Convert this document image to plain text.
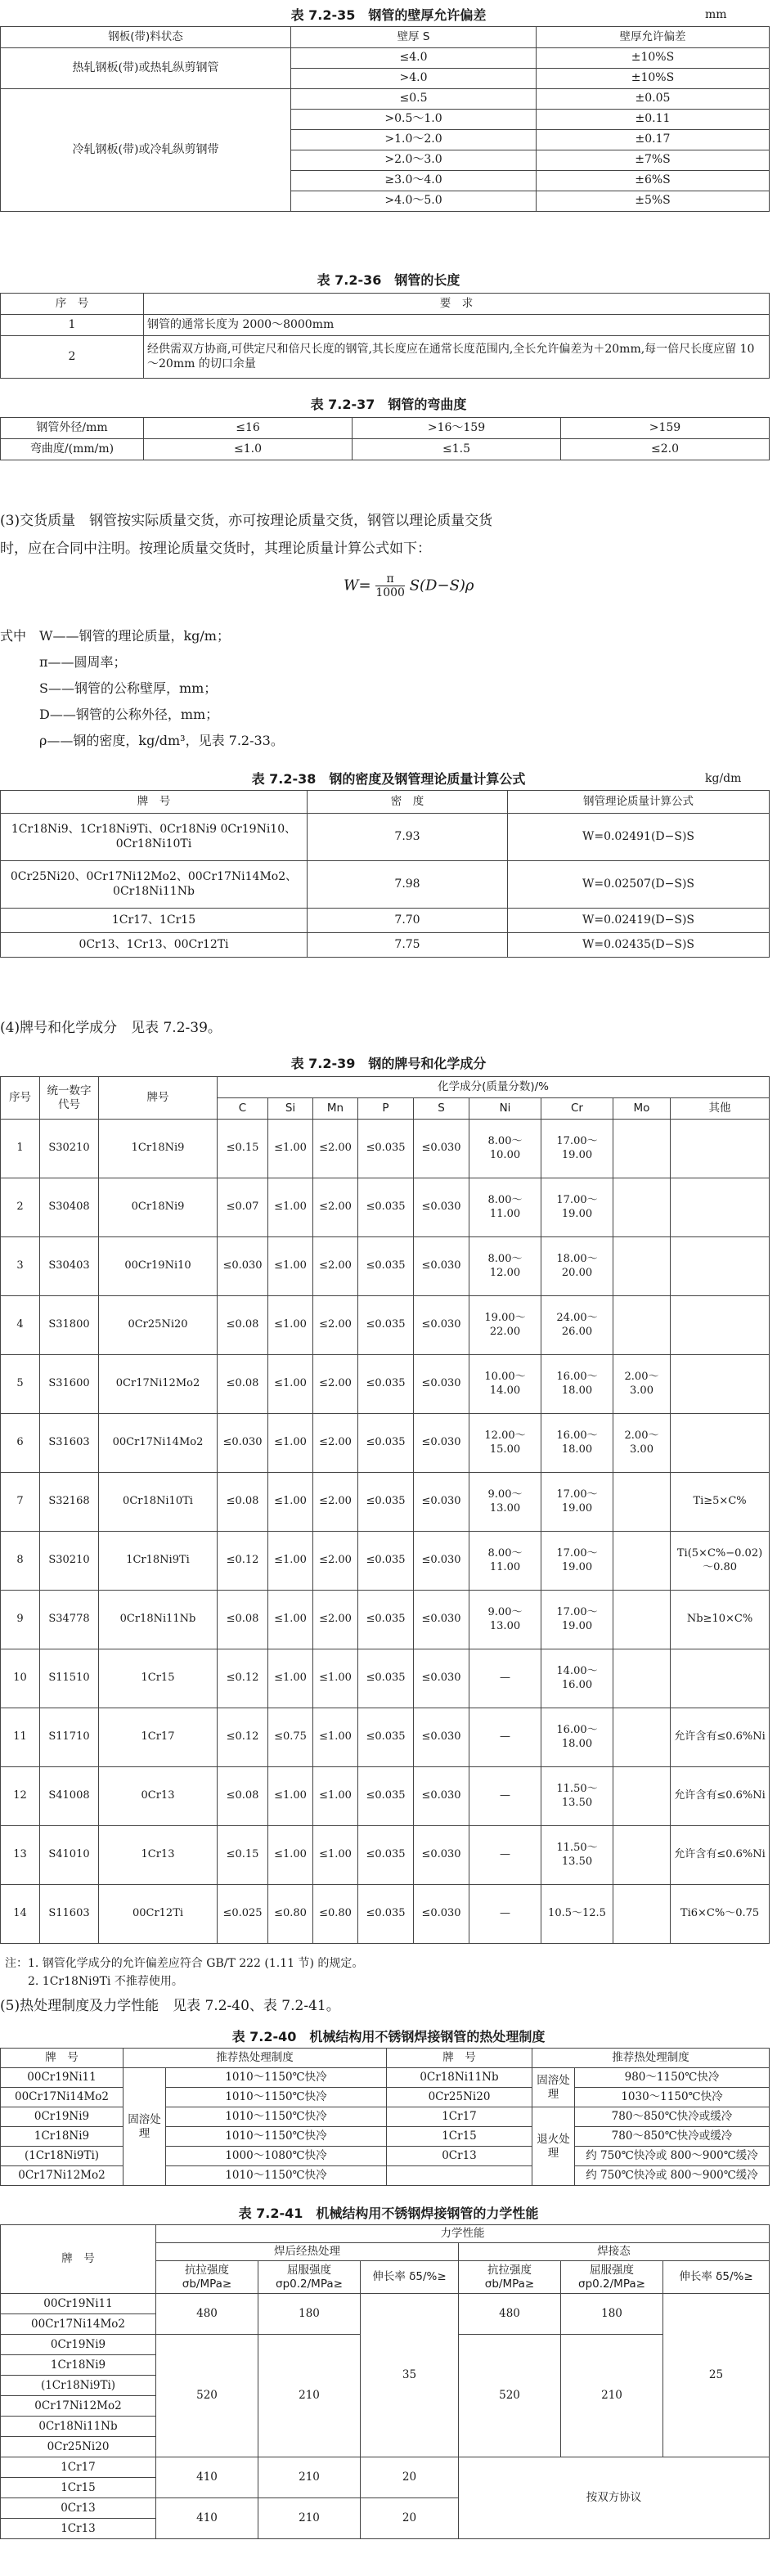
表 7.2-35　钢管的壁厚允许偏差	mm
钢板(带)料状态	壁厚 S	壁厚允许偏差
热轧钢板(带)或热轧纵剪钢管	≤4.0	±10%S
	>4.0	±10%S
冷轧钢板(带)或冷轧纵剪钢带	≤0.5	±0.05
	>0.5～1.0	±0.11
	>1.0～2.0	±0.17
	>2.0～3.0	±7%S
	≥3.0～4.0	±6%S
	>4.0～5.0	±5%S
表 7.2-36　钢管的长度
序　号	要　求
1	钢管的通常长度为 2000～8000mm
2	经供需双方协商,可供定尺和倍尺长度的钢管,其长度应在通常长度范围内,全长允许偏差为＋20mm,每一倍尺长度应留 10～20mm 的切口余量
表 7.2-37　钢管的弯曲度
钢管外径/mm	≤16	>16～159	>159
弯曲度/(mm/m)	≤1.0	≤1.5	≤2.0
(3)交货质量　钢管按实际质量交货，亦可按理论质量交货，钢管以理论质量交货
时，应在合同中注明。按理论质量交货时，其理论质量计算公式如下：
$W= \frac{\pi}{1000} S(D-S)\rho$
式中　W——钢管的理论质量，kg/m；
　　　π——圆周率；
　　　S——钢管的公称壁厚，mm；
　　　D——钢管的公称外径，mm；
　　　ρ——钢的密度，kg/dm³，见表 7.2-33。
表 7.2-38　钢的密度及钢管理论质量计算公式	kg/dm
牌　号	密　度	钢管理论质量计算公式
1Cr18Ni9、1Cr18Ni9Ti、0Cr18Ni9 0Cr19Ni10、0Cr18Ni10Ti	7.93	W=0.02491(D−S)S
0Cr25Ni20、0Cr17Ni12Mo2、00Cr17Ni14Mo2、0Cr18Ni11Nb	7.98	W=0.02507(D−S)S
1Cr17、1Cr15	7.70	W=0.02419(D−S)S
0Cr13、1Cr13、00Cr12Ti	7.75	W=0.02435(D−S)S
(4)牌号和化学成分　见表 7.2-39。
表 7.2-39　钢的牌号和化学成分
序号	统一数字代号	牌号	化学成分(质量分数)/%								
			C	Si	Mn	P	S	Ni	Cr	Mo	其他
1	S30210	1Cr18Ni9	≤0.15	≤1.00	≤2.00	≤0.035	≤0.030	8.00～10.00	17.00～19.00		
2	S30408	0Cr18Ni9	≤0.07	≤1.00	≤2.00	≤0.035	≤0.030	8.00～11.00	17.00～19.00		
3	S30403	00Cr19Ni10	≤0.030	≤1.00	≤2.00	≤0.035	≤0.030	8.00～12.00	18.00～20.00		
4	S31800	0Cr25Ni20	≤0.08	≤1.00	≤2.00	≤0.035	≤0.030	19.00～22.00	24.00～26.00		
5	S31600	0Cr17Ni12Mo2	≤0.08	≤1.00	≤2.00	≤0.035	≤0.030	10.00～14.00	16.00～18.00	2.00～3.00	
6	S31603	00Cr17Ni14Mo2	≤0.030	≤1.00	≤2.00	≤0.035	≤0.030	12.00～15.00	16.00～18.00	2.00～3.00	
7	S32168	0Cr18Ni10Ti	≤0.08	≤1.00	≤2.00	≤0.035	≤0.030	9.00～13.00	17.00～19.00		Ti≥5×C%
8	S30210	1Cr18Ni9Ti	≤0.12	≤1.00	≤2.00	≤0.035	≤0.030	8.00～11.00	17.00～19.00		Ti(5×C%−0.02)～0.80
9	S34778	0Cr18Ni11Nb	≤0.08	≤1.00	≤2.00	≤0.035	≤0.030	9.00～13.00	17.00～19.00		Nb≥10×C%
10	S11510	1Cr15	≤0.12	≤1.00	≤1.00	≤0.035	≤0.030	—	14.00～16.00		
11	S11710	1Cr17	≤0.12	≤0.75	≤1.00	≤0.035	≤0.030	—	16.00～18.00		允许含有≤0.6%Ni
12	S41008	0Cr13	≤0.08	≤1.00	≤1.00	≤0.035	≤0.030	—	11.50～13.50		允许含有≤0.6%Ni
13	S41010	1Cr13	≤0.15	≤1.00	≤1.00	≤0.035	≤0.030	—	11.50～13.50		允许含有≤0.6%Ni
14	S11603	00Cr12Ti	≤0.025	≤0.80	≤0.80	≤0.035	≤0.030	—	10.5～12.5		Ti6×C%～0.75
注：1. 钢管化学成分的允许偏差应符合 GB/T 222 (1.11 节) 的规定。
　　2. 1Cr18Ni9Ti 不推荐使用。
(5)热处理制度及力学性能　见表 7.2-40、表 7.2-41。
表 7.2-40　机械结构用不锈钢焊接钢管的热处理制度
牌　号	推荐热处理制度		牌　号	推荐热处理制度	
00Cr19Ni11	固溶处理	1010～1150℃快冷	0Cr18Ni11Nb	固溶处理	980～1150℃快冷
00Cr17Ni14Mo2		1010～1150℃快冷	0Cr25Ni20		1030～1150℃快冷
0Cr19Ni9		1010～1150℃快冷	1Cr17	退火处理	780～850℃快冷或缓冷
1Cr18Ni9		1010～1150℃快冷	1Cr15		780～850℃快冷或缓冷
(1Cr18Ni9Ti)		1000～1080℃快冷	0Cr13		约 750℃快冷或 800～900℃缓冷
0Cr17Ni12Mo2		1010～1150℃快冷			约 750℃快冷或 800～900℃缓冷
表 7.2-41　机械结构用不锈钢焊接钢管的力学性能
牌　号	力学性能					
	焊后经热处理			焊接态		
	抗拉强度 σb/MPa≥	屈服强度 σp0.2/MPa≥	伸长率 δ5/%≥	抗拉强度 σb/MPa≥	屈服强度 σp0.2/MPa≥	伸长率 δ5/%≥
00Cr19Ni11	480	180	35	480	180	25
00Cr17Ni14Mo2						
0Cr19Ni9	520	210		520	210	
1Cr18Ni9						
(1Cr18Ni9Ti)						
0Cr17Ni12Mo2						
0Cr18Ni11Nb						
0Cr25Ni20						
1Cr17	410	210	20	按双方协议		
1Cr15						
0Cr13	410	210	20			
1Cr13						
